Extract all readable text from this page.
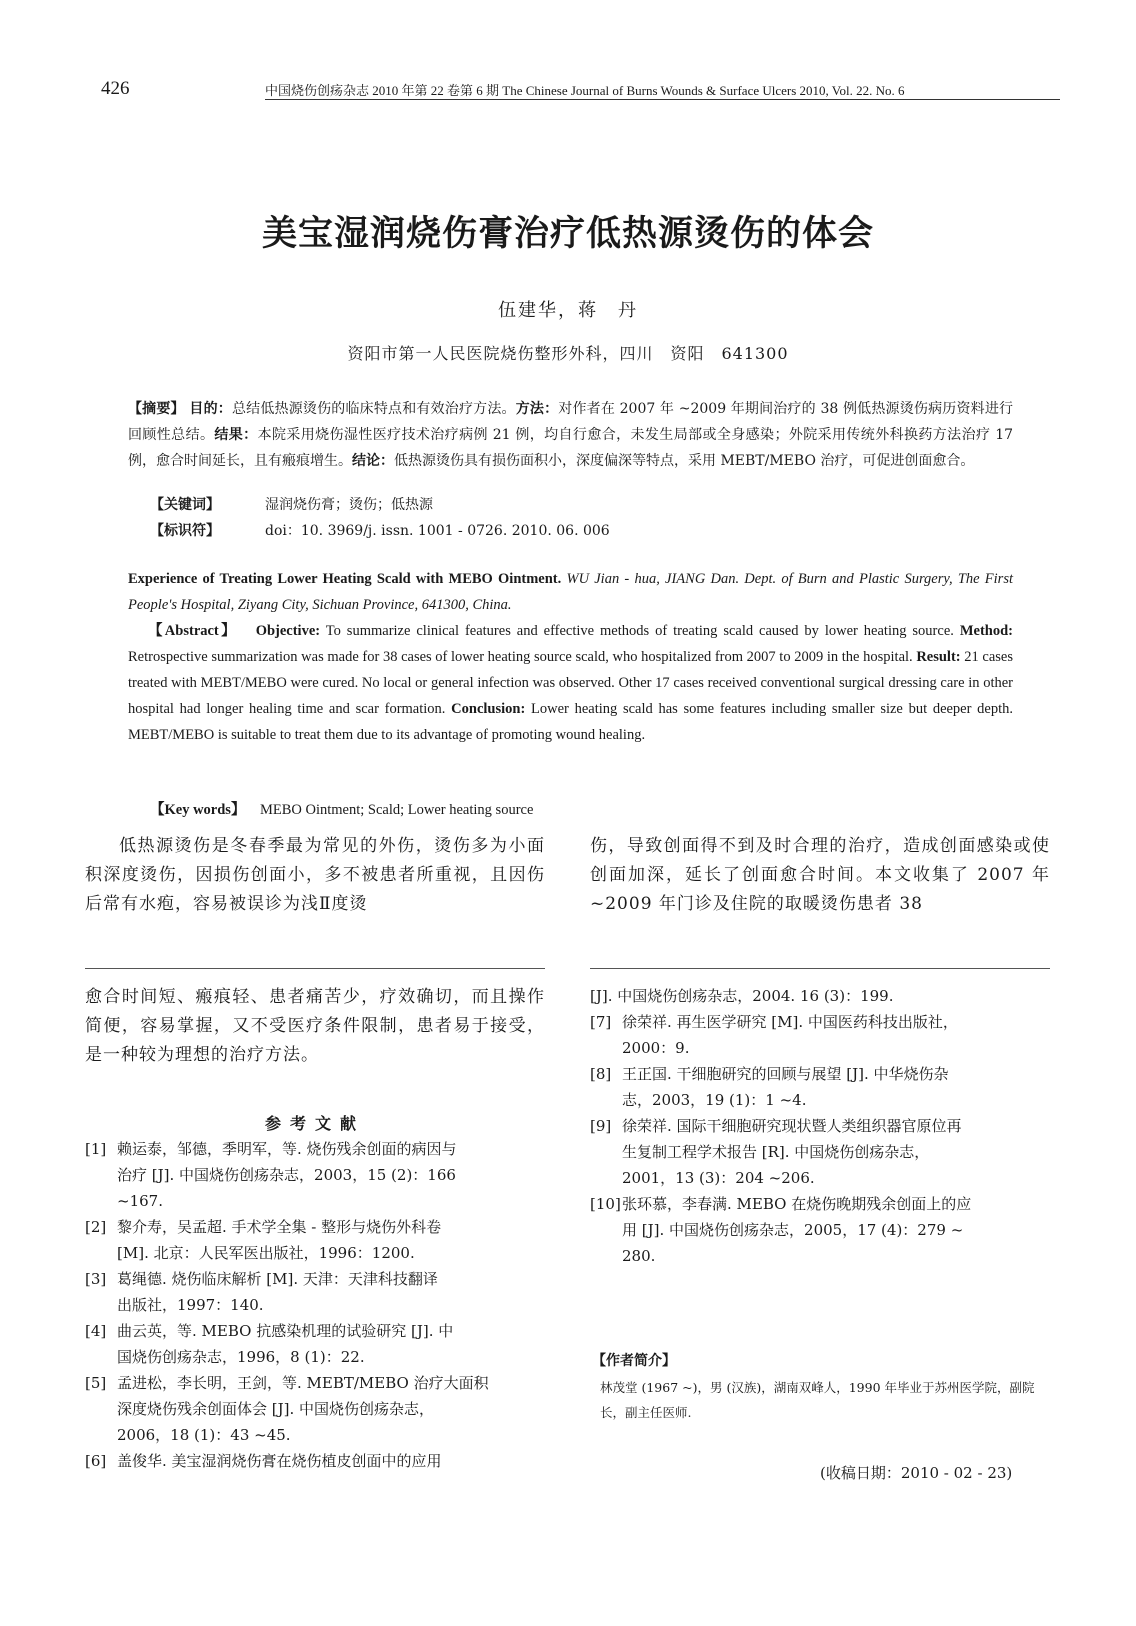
426	中国烧伤创疡杂志 2010 年第 22 卷第 6 期 The Chinese Journal of Burns Wounds & Surface Ulcers 2010, Vol. 22. No. 6
美宝湿润烧伤膏治疗低热源烫伤的体会
伍建华，蒋　丹
资阳市第一人民医院烧伤整形外科，四川　资阳　641300
【摘要】 目的：总结低热源烫伤的临床特点和有效治疗方法。方法：对作者在 2007 年 ~2009 年期间治疗的 38 例低热源烫伤病历资料进行回顾性总结。结果：本院采用烧伤湿性医疗技术治疗病例 21 例，均自行愈合，未发生局部或全身感染；外院采用传统外科换药方法治疗 17 例，愈合时间延长，且有瘢痕增生。结论：低热源烫伤具有损伤面积小，深度偏深等特点，采用 MEBT/MEBO 治疗，可促进创面愈合。
【关键词】	湿润烧伤膏；烫伤；低热源
【标识符】	doi：10. 3969/j. issn. 1001 - 0726. 2010. 06. 006
Experience of Treating Lower Heating Scald with MEBO Ointment. WU Jian - hua, JIANG Dan. Dept. of Burn and Plastic Surgery, The First People's Hospital, Ziyang City, Sichuan Province, 641300, China.
【Abstract】 Objective: To summarize clinical features and effective methods of treating scald caused by lower heating source. Method: Retrospective summarization was made for 38 cases of lower heating source scald, who hospitalized from 2007 to 2009 in the hospital. Result: 21 cases treated with MEBT/MEBO were cured. No local or general infection was observed. Other 17 cases received conventional surgical dressing care in other hospital had longer healing time and scar formation. Conclusion: Lower heating scald has some features including smaller size but deeper depth. MEBT/MEBO is suitable to treat them due to its advantage of promoting wound healing.
【Key words】 MEBO Ointment; Scald; Lower heating source
低热源烫伤是冬春季最为常见的外伤，烫伤多为小面积深度烫伤，因损伤创面小，多不被患者所重视，且因伤后常有水疱，容易被误诊为浅Ⅱ度烫
伤，导致创面得不到及时合理的治疗，造成创面感染或使创面加深，延长了创面愈合时间。本文收集了 2007 年 ~2009 年门诊及住院的取暖烫伤患者 38
愈合时间短、瘢痕轻、患者痛苦少，疗效确切，而且操作简便，容易掌握，又不受医疗条件限制，患者易于接受，是一种较为理想的治疗方法。
参考文献
[1] 赖运泰，邹德，季明军，等. 烧伤残余创面的病因与
治疗 [J]. 中国烧伤创疡杂志，2003，15 (2)：166
~167.
[2] 黎介寿，吴孟超. 手术学全集 - 整形与烧伤外科卷
[M]. 北京：人民军医出版社，1996：1200.
[3] 葛绳德. 烧伤临床解析 [M]. 天津：天津科技翻译
出版社，1997：140.
[4] 曲云英，等. MEBO 抗感染机理的试验研究 [J]. 中
国烧伤创疡杂志，1996，8 (1)：22.
[5] 孟进松，李长明，王剑，等. MEBT/MEBO 治疗大面积
深度烧伤残余创面体会 [J]. 中国烧伤创疡杂志，
2006，18 (1)：43 ~45.
[6] 盖俊华. 美宝湿润烧伤膏在烧伤植皮创面中的应用
[J]. 中国烧伤创疡杂志，2004. 16 (3)：199.
[7] 徐荣祥. 再生医学研究 [M]. 中国医药科技出版社，
2000：9.
[8] 王正国. 干细胞研究的回顾与展望 [J]. 中华烧伤杂
志，2003，19 (1)：1 ~4.
[9] 徐荣祥. 国际干细胞研究现状暨人类组织器官原位再
生复制工程学术报告 [R]. 中国烧伤创疡杂志，
2001，13 (3)：204 ~206.
[10]张环慕，李春满. MEBO 在烧伤晚期残余创面上的应
用 [J]. 中国烧伤创疡杂志，2005，17 (4)：279 ~
280.
【作者简介】
林茂堂 (1967 ~)，男 (汉族)，湖南双峰人，1990 年毕业于苏州医学院，副院长，副主任医师.
(收稿日期：2010 - 02 - 23)
